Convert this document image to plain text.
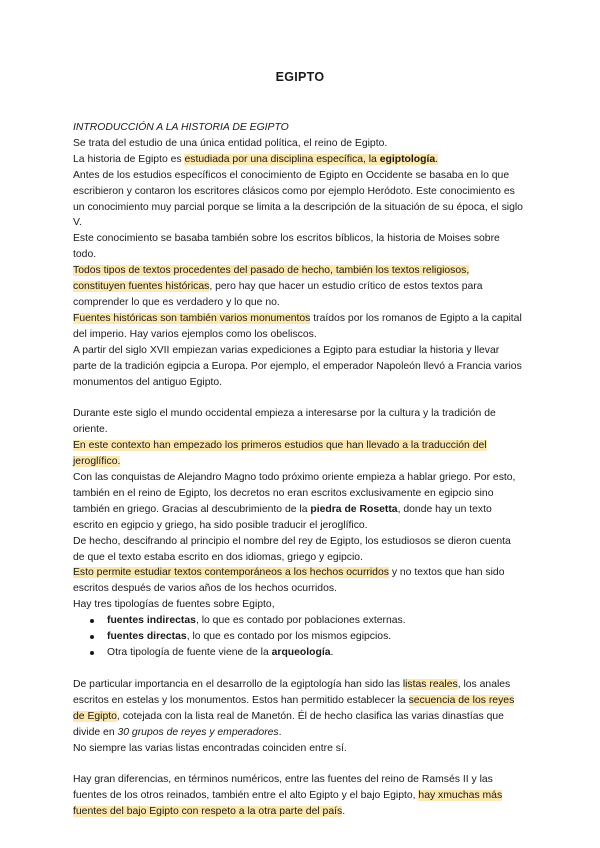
EGIPTO

INTRODUCCIÓN A LA HISTORIA DE EGIPTO

Se trata del estudio de una única entidad política, el reino de Egipto.

La historia de Egipto es estudiada por una disciplina específica, la egiptología.

Antes de los estudios específicos el conocimiento de Egipto en Occidente se basaba en lo que escribieron y contaron los escritores clásicos como por ejemplo Heródoto. Este conocimiento es un conocimiento muy parcial porque se limita a la descripción de la situación de su época, el siglo V.

Este conocimiento se basaba también sobre los escritos bíblicos, la historia de Moises sobre todo.

Todos tipos de textos procedentes del pasado de hecho, también los textos religiosos, constituyen fuentes históricas, pero hay que hacer un estudio crítico de estos textos para comprender lo que es verdadero y lo que no.

Fuentes históricas son también varios monumentos traídos por los romanos de Egipto a la capital del imperio. Hay varios ejemplos como los obeliscos.

A partir del siglo XVII empiezan varias expediciones a Egipto para estudiar la historia y llevar parte de la tradición egipcia a Europa. Por ejemplo, el emperador Napoleón llevó a Francia varios monumentos del antiguo Egipto.

Durante este siglo el mundo occidental empieza a interesarse por la cultura y la tradición de oriente.

En este contexto han empezado los primeros estudios que han llevado a la traducción del jeroglífico.

Con las conquistas de Alejandro Magno todo próximo oriente empieza a hablar griego. Por esto, también en el reino de Egipto, los decretos no eran escritos exclusivamente en egipcio sino también en griego. Gracias al descubrimiento de la piedra de Rosetta, donde hay un texto escrito en egipcio y griego, ha sido posible traducir el jeroglífico.

De hecho, descifrando al principio el nombre del rey de Egipto, los estudiosos se dieron cuenta de que el texto estaba escrito en dos idiomas, griego y egipcio.

Esto permite estudiar textos contemporáneos a los hechos ocurridos y no textos que han sido escritos después de varios años de los hechos ocurridos.

Hay tres tipologías de fuentes sobre Egipto,

fuentes indirectas, lo que es contado por poblaciones externas.
fuentes directas, lo que es contado por los mismos egipcios.
Otra tipología de fuente viene de la arqueología.

De particular importancia en el desarrollo de la egiptología han sido las listas reales, los anales escritos en estelas y los monumentos. Estos han permitido establecer la secuencia de los reyes de Egipto, cotejada con la lista real de Manetón. Él de hecho clasifica las varias dinastías que divide en 30 grupos de reyes y emperadores.

No siempre las varias listas encontradas coinciden entre sí.

Hay gran diferencias, en términos numéricos, entre las fuentes del reino de Ramsés II y las fuentes de los otros reinados, también entre el alto Egipto y el bajo Egipto, hay xmuchas más fuentes del bajo Egipto con respeto a la otra parte del país.
